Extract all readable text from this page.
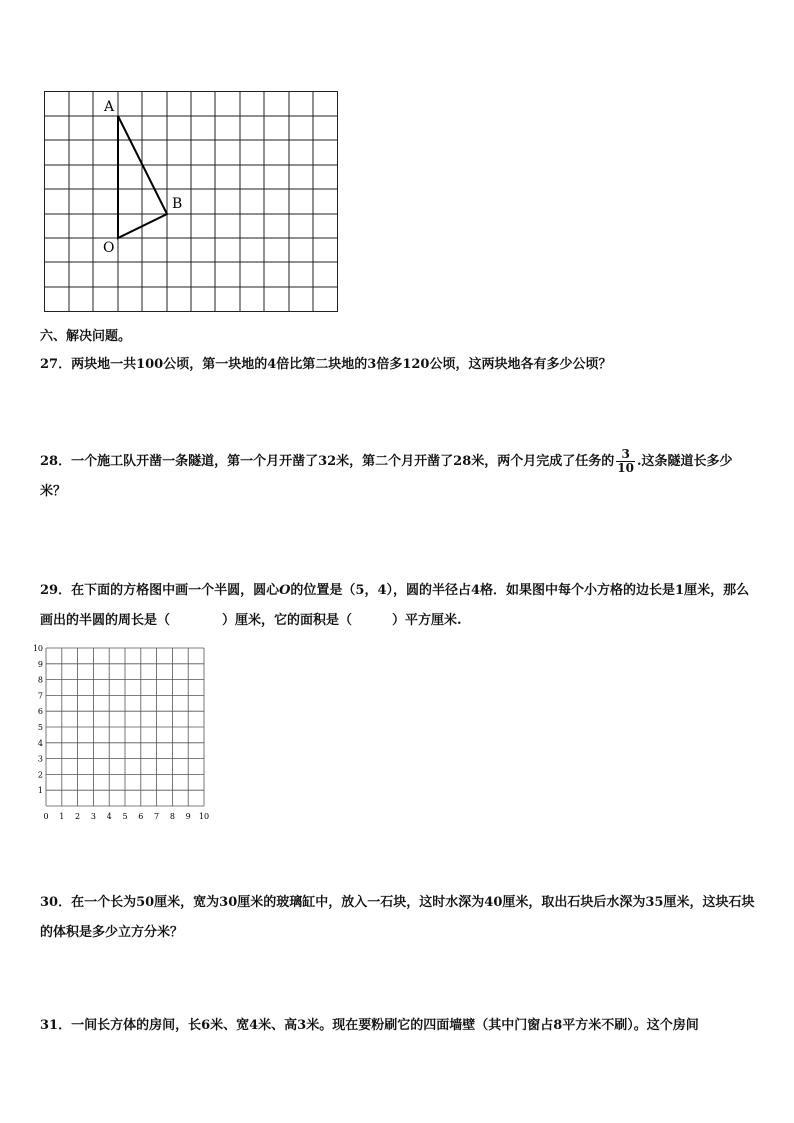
A
B
O
六、解决问题。
27．两块地一共100公顷，第一块地的4倍比第二块地的3倍多120公顷，这两块地各有多少公顷？
28．一个施工队开凿一条隧道，第一个月开凿了32米，第二个月开凿了28米，两个月完成了任务的 $\frac{3}{10}$ .这条隧道长多少米？
29．在下面的方格图中画一个半圆，圆心O的位置是（5，4），圆的半径占4格．如果图中每个小方格的边长是1厘米，那么画出的半圆的周长是（	）厘米，它的面积是（	）平方厘米.
10
9
8
7
6
5
4
3
2
1
0 1 2 3 4 5 6 7 8 9 10
30．在一个长为50厘米，宽为30厘米的玻璃缸中，放入一石块，这时水深为40厘米，取出石块后水深为35厘米，这块石块的体积是多少立方分米？
31．一间长方体的房间，长6米、宽4米、高3米。现在要粉刷它的四面墙壁（其中门窗占8平方米不刷）。这个房间
